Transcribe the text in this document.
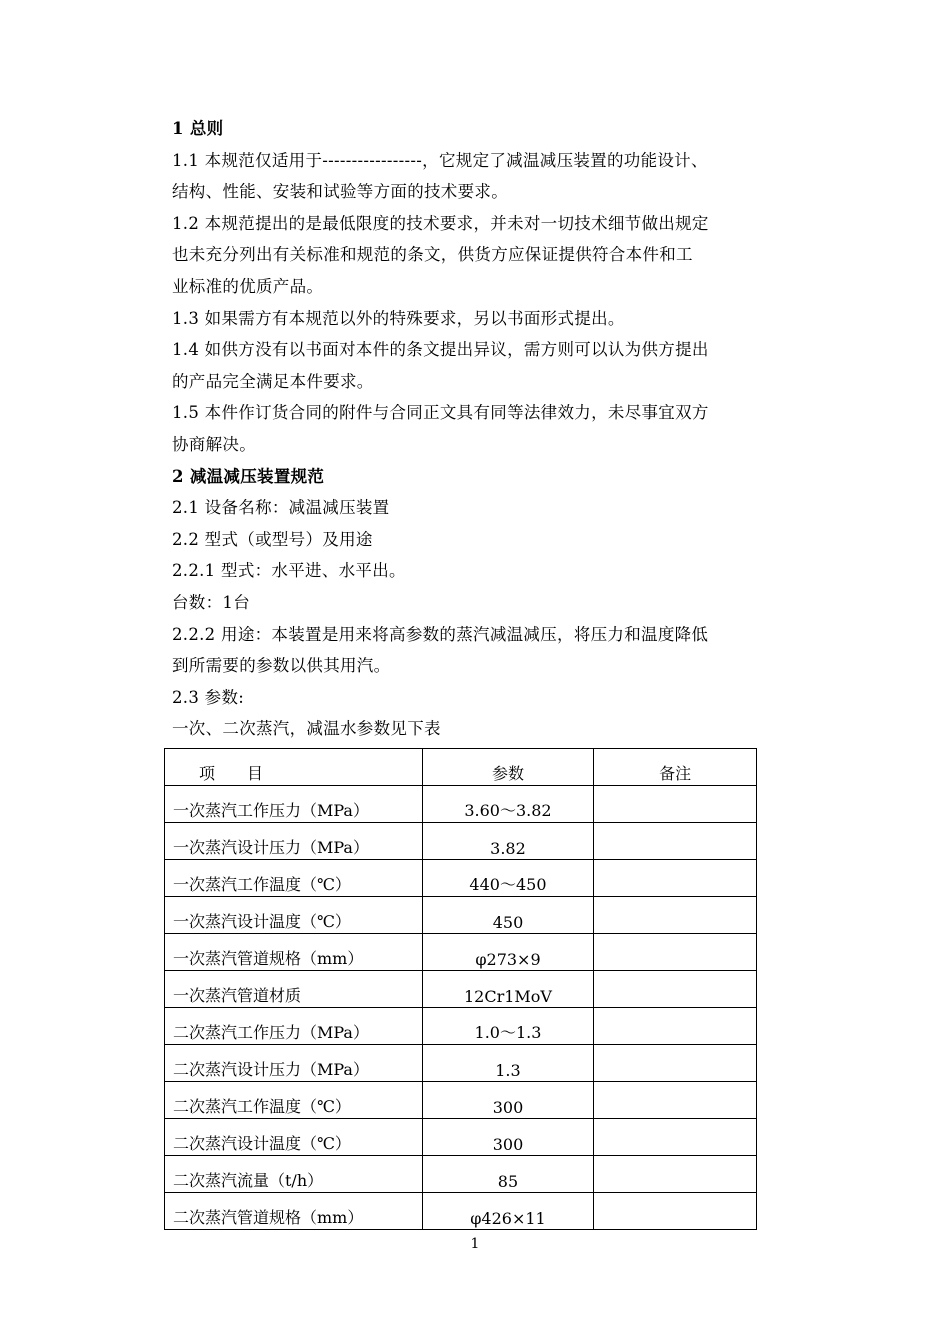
1 总则
1.1 本规范仅适用于-----------------，它规定了减温减压装置的功能设计、
结构、性能、安装和试验等方面的技术要求。
1.2 本规范提出的是最低限度的技术要求，并未对一切技术细节做出规定
也未充分列出有关标准和规范的条文，供货方应保证提供符合本件和工
业标准的优质产品。
1.3 如果需方有本规范以外的特殊要求，另以书面形式提出。
1.4 如供方没有以书面对本件的条文提出异议，需方则可以认为供方提出
的产品完全满足本件要求。
1.5 本件作订货合同的附件与合同正文具有同等法律效力，未尽事宜双方
协商解决。
2 减温减压装置规范
2.1 设备名称：减温减压装置
2.2 型式（或型号）及用途
2.2.1 型式：水平进、水平出。
台数：1台
2.2.2 用途：本装置是用来将高参数的蒸汽减温减压，将压力和温度降低
到所需要的参数以供其用汽。
2.3 参数:
一次、二次蒸汽，减温水参数见下表
项　　目	参数	备注
一次蒸汽工作压力（MPa）	3.60～3.82	
一次蒸汽设计压力（MPa）	3.82	
一次蒸汽工作温度（℃）	440～450	
一次蒸汽设计温度（℃）	450	
一次蒸汽管道规格（mm）	φ273×9	
一次蒸汽管道材质	12Cr1MoV	
二次蒸汽工作压力（MPa）	1.0～1.3	
二次蒸汽设计压力（MPa）	1.3	
二次蒸汽工作温度（℃）	300	
二次蒸汽设计温度（℃）	300	
二次蒸汽流量（t/h）	85	
二次蒸汽管道规格（mm）	φ426×11	
1
